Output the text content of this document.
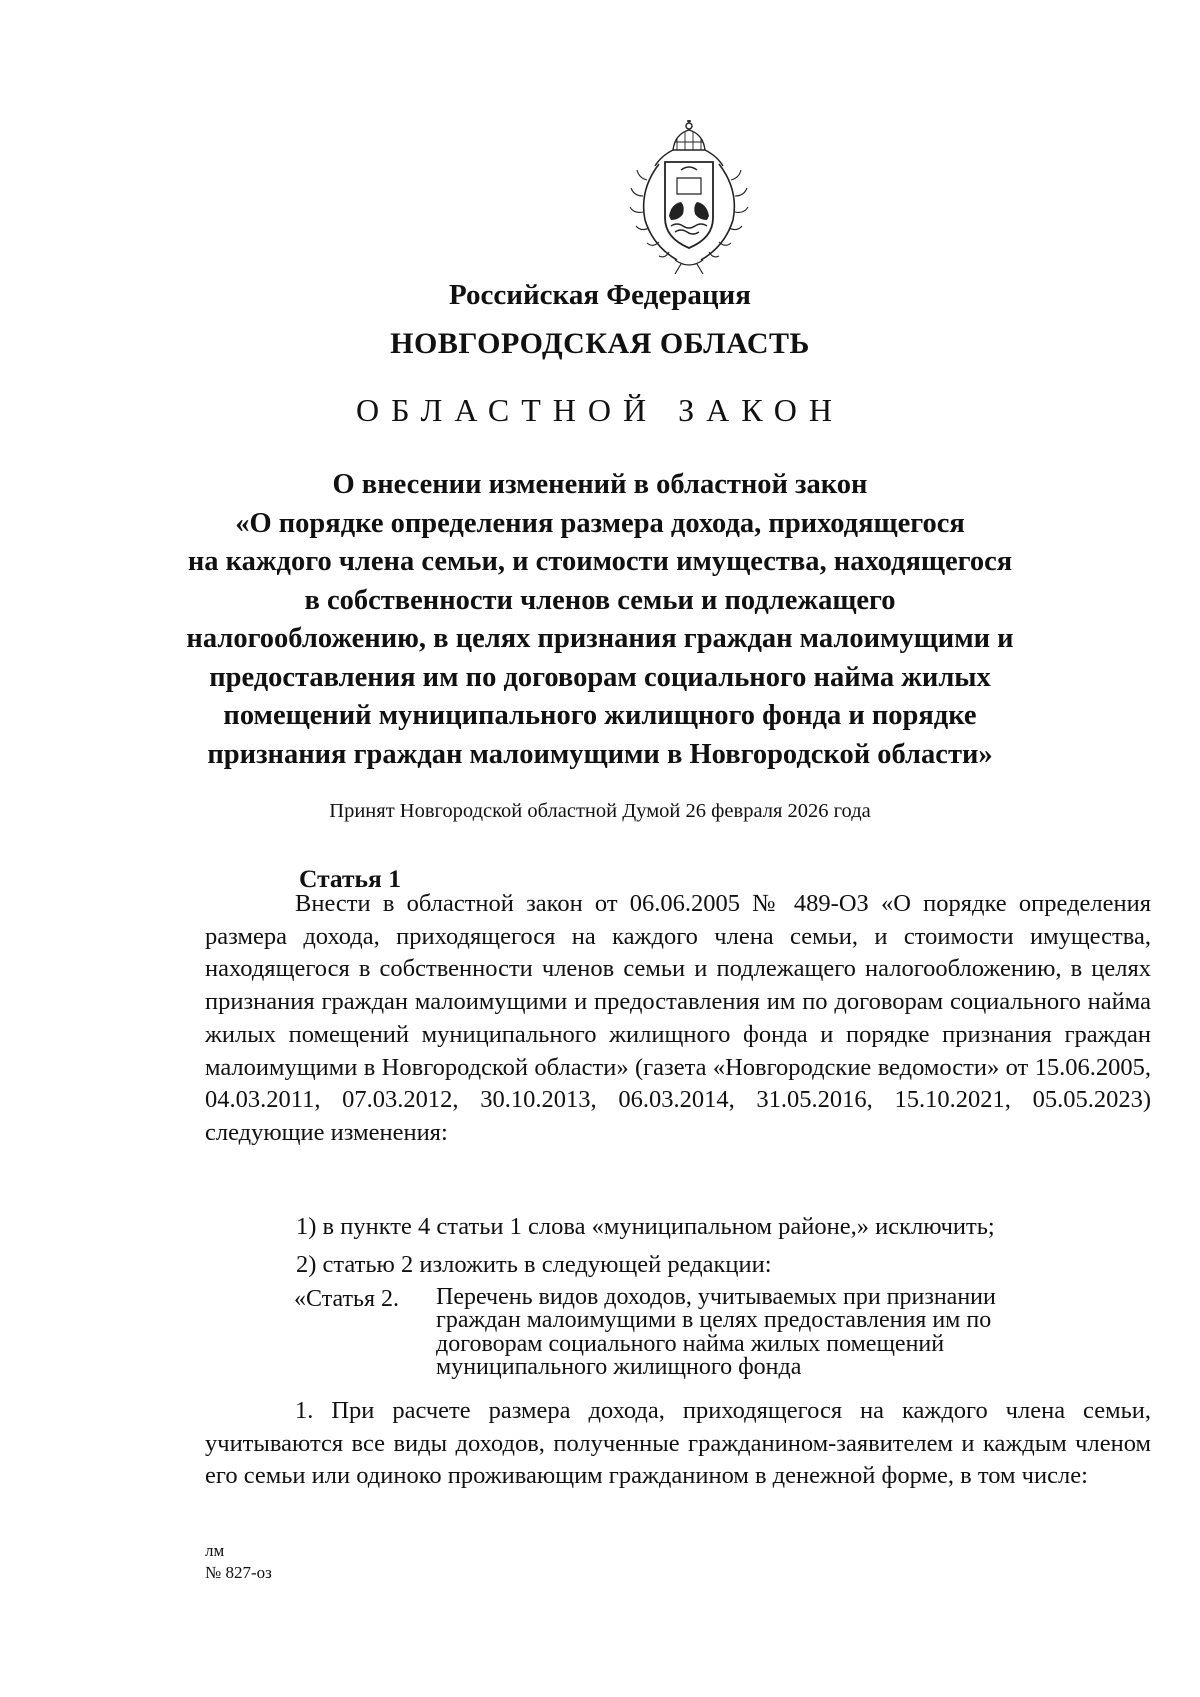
Российская Федерация
НОВГОРОДСКАЯ ОБЛАСТЬ
ОБЛАСТНОЙ ЗАКОН
О внесении изменений в областной закон
«О порядке определения размера дохода, приходящегося
на каждого члена семьи, и стоимости имущества, находящегося
в собственности членов семьи и подлежащего
налогообложению, в целях признания граждан малоимущими и
предоставления им по договорам социального найма жилых
помещений муниципального жилищного фонда и порядке
признания граждан малоимущими в Новгородской области»
Принят Новгородской областной Думой 26 февраля 2026 года
Статья 1
Внести в областной закон от 06.06.2005 № 489-ОЗ «О порядке определения размера дохода, приходящегося на каждого члена семьи, и стоимости имущества, находящегося в собственности членов семьи и подлежащего налогообложению, в целях признания граждан малоимущими и предоставления им по договорам социального найма жилых помещений муниципального жилищного фонда и порядке признания граждан малоимущими в Новгородской области» (газета «Новгородские ведомости» от 15.06.2005, 04.03.2011, 07.03.2012, 30.10.2013, 06.03.2014, 31.05.2016, 15.10.2021, 05.05.2023) следующие изменения:
1) в пункте 4 статьи 1 слова «муниципальном районе,» исключить;
2) статью 2 изложить в следующей редакции:
«Статья 2. Перечень видов доходов, учитываемых при признании
граждан малоимущими в целях предоставления им по
договорам социального найма жилых помещений
муниципального жилищного фонда
1. При расчете размера дохода, приходящегося на каждого члена семьи, учитываются все виды доходов, полученные гражданином-заявителем и каждым членом его семьи или одиноко проживающим гражданином в денежной форме, в том числе:
лм
№ 827-оз
